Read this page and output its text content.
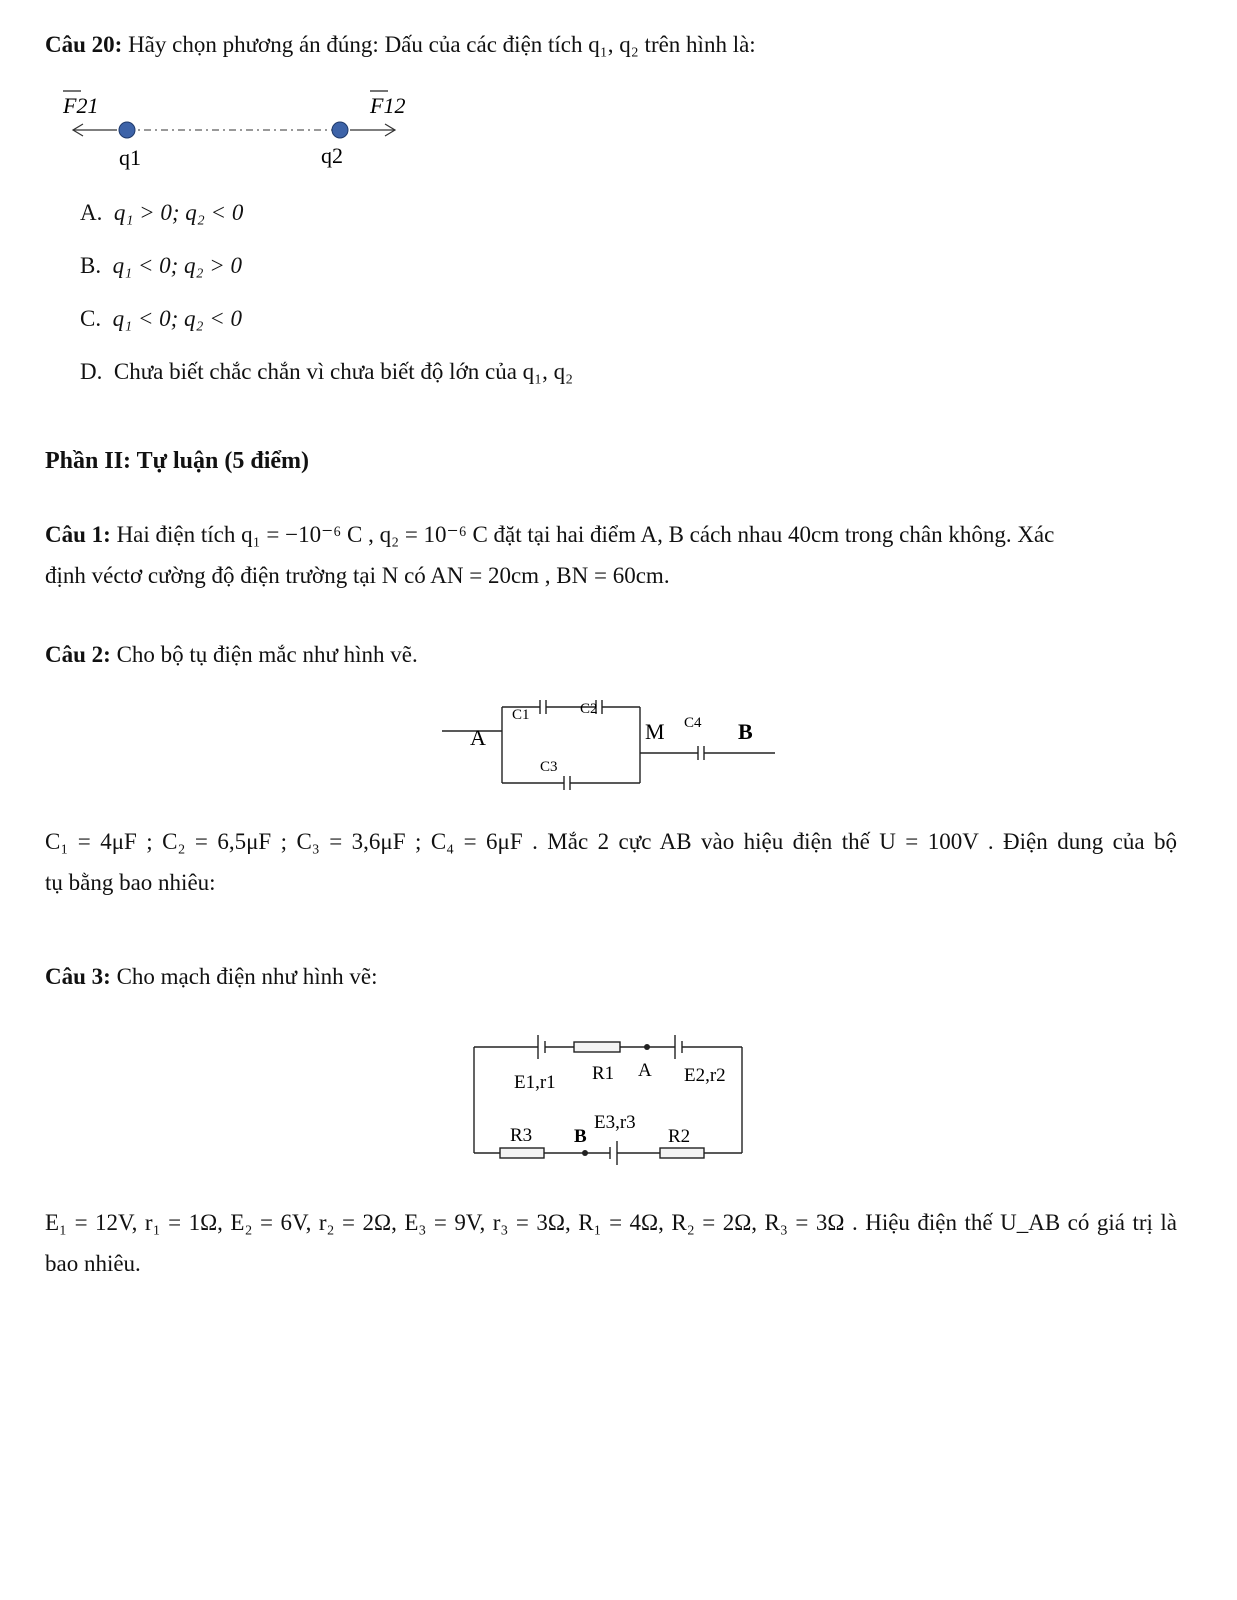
Câu 20: Hãy chọn phương án đúng: Dấu của các điện tích q₁, q₂ trên hình là:
F21	F12
q1	q2
A. q₁ > 0; q₂ < 0
B. q₁ < 0; q₂ > 0
C. q₁ < 0; q₂ < 0
D. Chưa biết chắc chắn vì chưa biết độ lớn của q₁, q₂
Phần II: Tự luận (5 điểm)
Câu 1: Hai điện tích q₁ = −10⁻⁶ C , q₂ = 10⁻⁶ C đặt tại hai điểm A, B cách nhau 40cm trong chân không. Xác
định véctơ cường độ điện trường tại N có AN = 20cm , BN = 60cm.
Câu 2: Cho bộ tụ điện mắc như hình vẽ.
A	M	B
C1	C2
C3
C4
C₁ = 4μF ; C₂ = 6,5μF ; C₃ = 3,6μF ; C₄ = 6μF . Mắc 2 cực AB vào hiệu điện thế U = 100V . Điện dung của bộ
tụ bằng bao nhiêu:
Câu 3: Cho mạch điện như hình vẽ:
E1,r1 R1 A E2,r2
E3,r3
R3 B	R2
E₁ = 12V, r₁ = 1Ω, E₂ = 6V, r₂ = 2Ω, E₃ = 9V, r₃ = 3Ω, R₁ = 4Ω, R₂ = 2Ω, R₃ = 3Ω . Hiệu điện thế U_AB có giá trị là
bao nhiêu.
